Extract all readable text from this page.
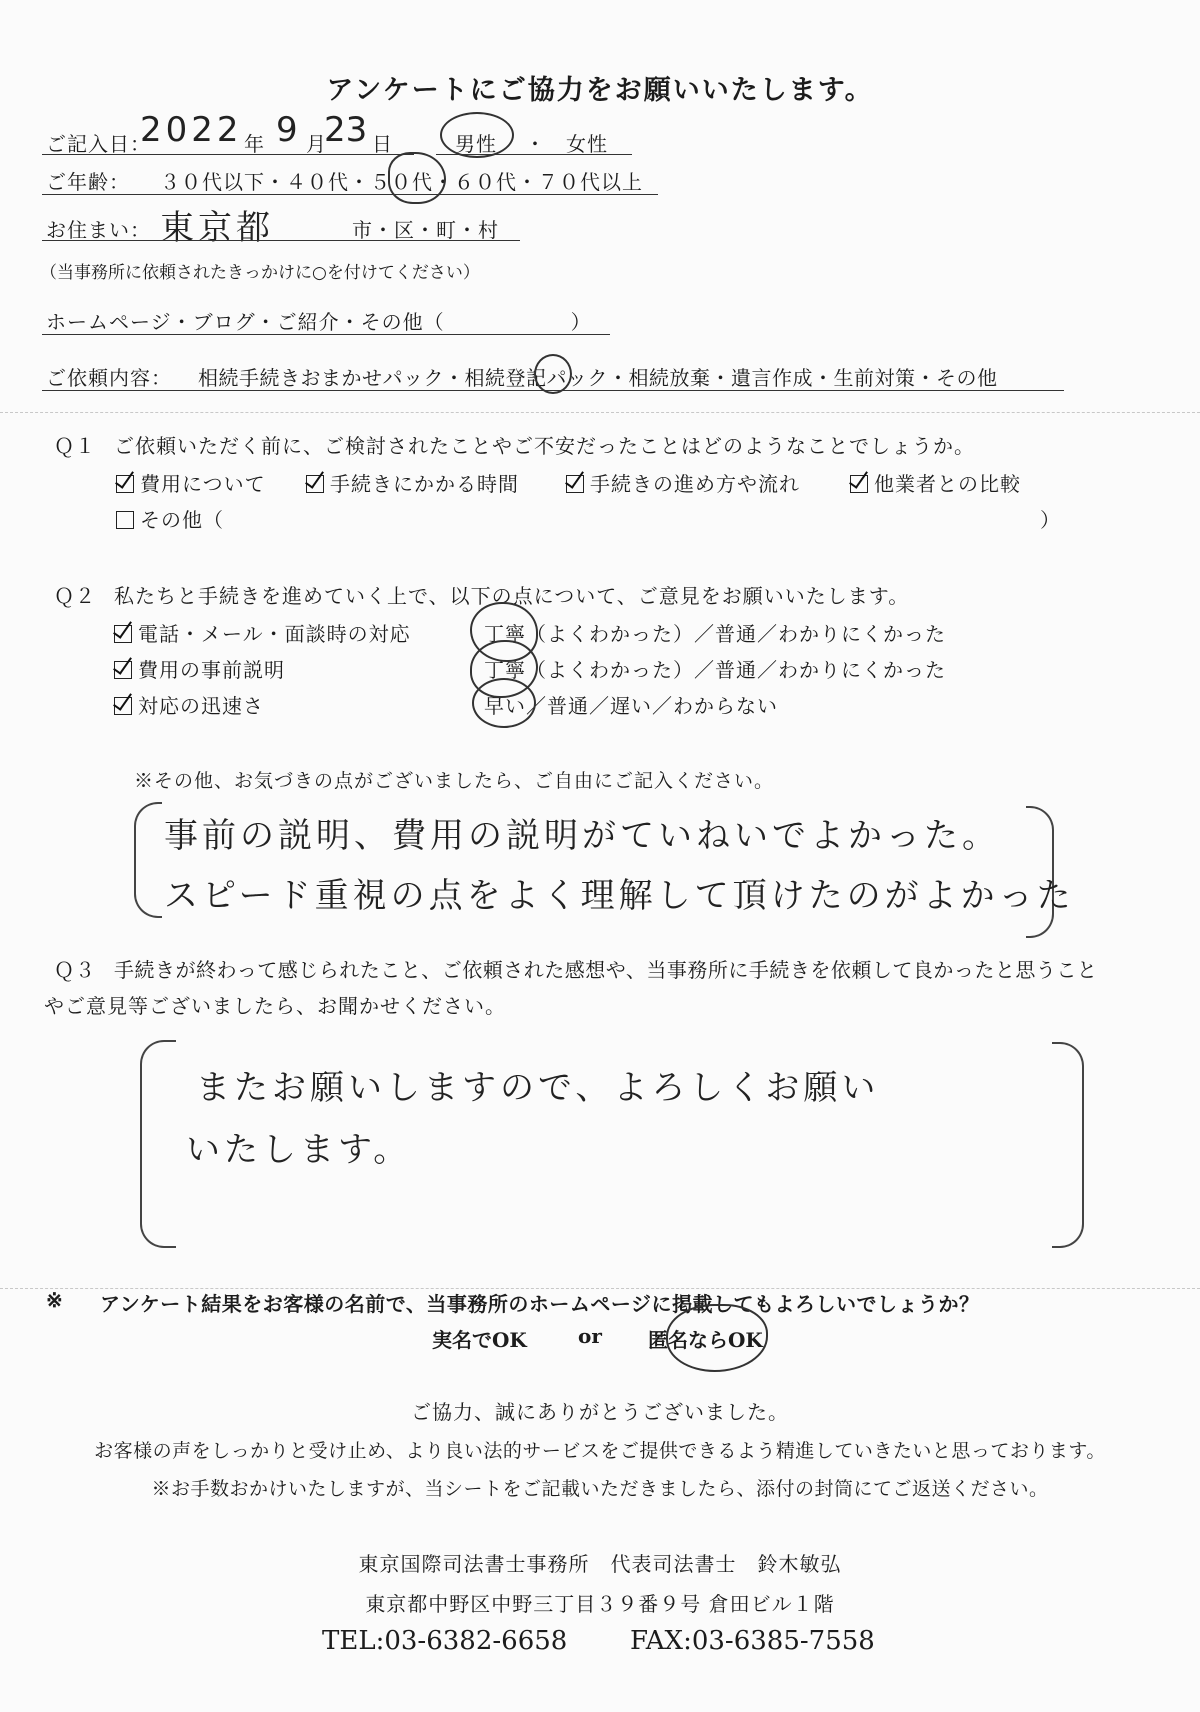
アンケートにご協力をお願いいたします。
ご記入日：
2022 年 9 月
23 日	男性 ・ 女性
ご年齢： ３０代以下・４０代・５０代・６０代・７０代以上
お住まい： 東京都	市・区・町・村
（当事務所に依頼されたきっかけに○を付けてください）
ホームページ・ブログ・ご紹介・その他（　　　　　　）
ご依頼内容： 相続手続きおまかせパック・相続登記パック・相続放棄・遺言作成・生前対策・その他
Ｑ１ ご依頼いただく前に、ご検討されたことやご不安だったことはどのようなことでしょうか。
費用について	手続きにかかる時間	手続きの進め方や流れ	他業者との比較
その他（	）
Ｑ２ 私たちと手続きを進めていく上で、以下の点について、ご意見をお願いいたします。
電話・メール・面談時の対応	丁寧（よくわかった）／普通／わかりにくかった
費用の事前説明	丁寧（よくわかった）／普通／わかりにくかった
対応の迅速さ	早い／普通／遅い／わからない
※その他、お気づきの点がございましたら、ご自由にご記入ください。
事前の説明、費用の説明がていねいでよかった。
スピード重視の点をよく理解して頂けたのがよかった
Ｑ３ 手続きが終わって感じられたこと、ご依頼された感想や、当事務所に手続きを依頼して良かったと思うこと
やご意見等ございましたら、お聞かせください。
またお願いしますので、よろしくお願い
いたします。
※ アンケート結果をお客様の名前で、当事務所のホームページに掲載してもよろしいでしょうか？
実名でOK	or 匿名ならOK
ご協力、誠にありがとうございました。
お客様の声をしっかりと受け止め、より良い法的サービスをご提供できるよう精進していきたいと思っております。
※お手数おかけいたしますが、当シートをご記載いただきましたら、添付の封筒にてご返送ください。
東京国際司法書士事務所　代表司法書士　鈴木敏弘
東京都中野区中野三丁目３９番９号 倉田ビル１階
TEL:03-6382-6658 FAX:03-6385-7558
